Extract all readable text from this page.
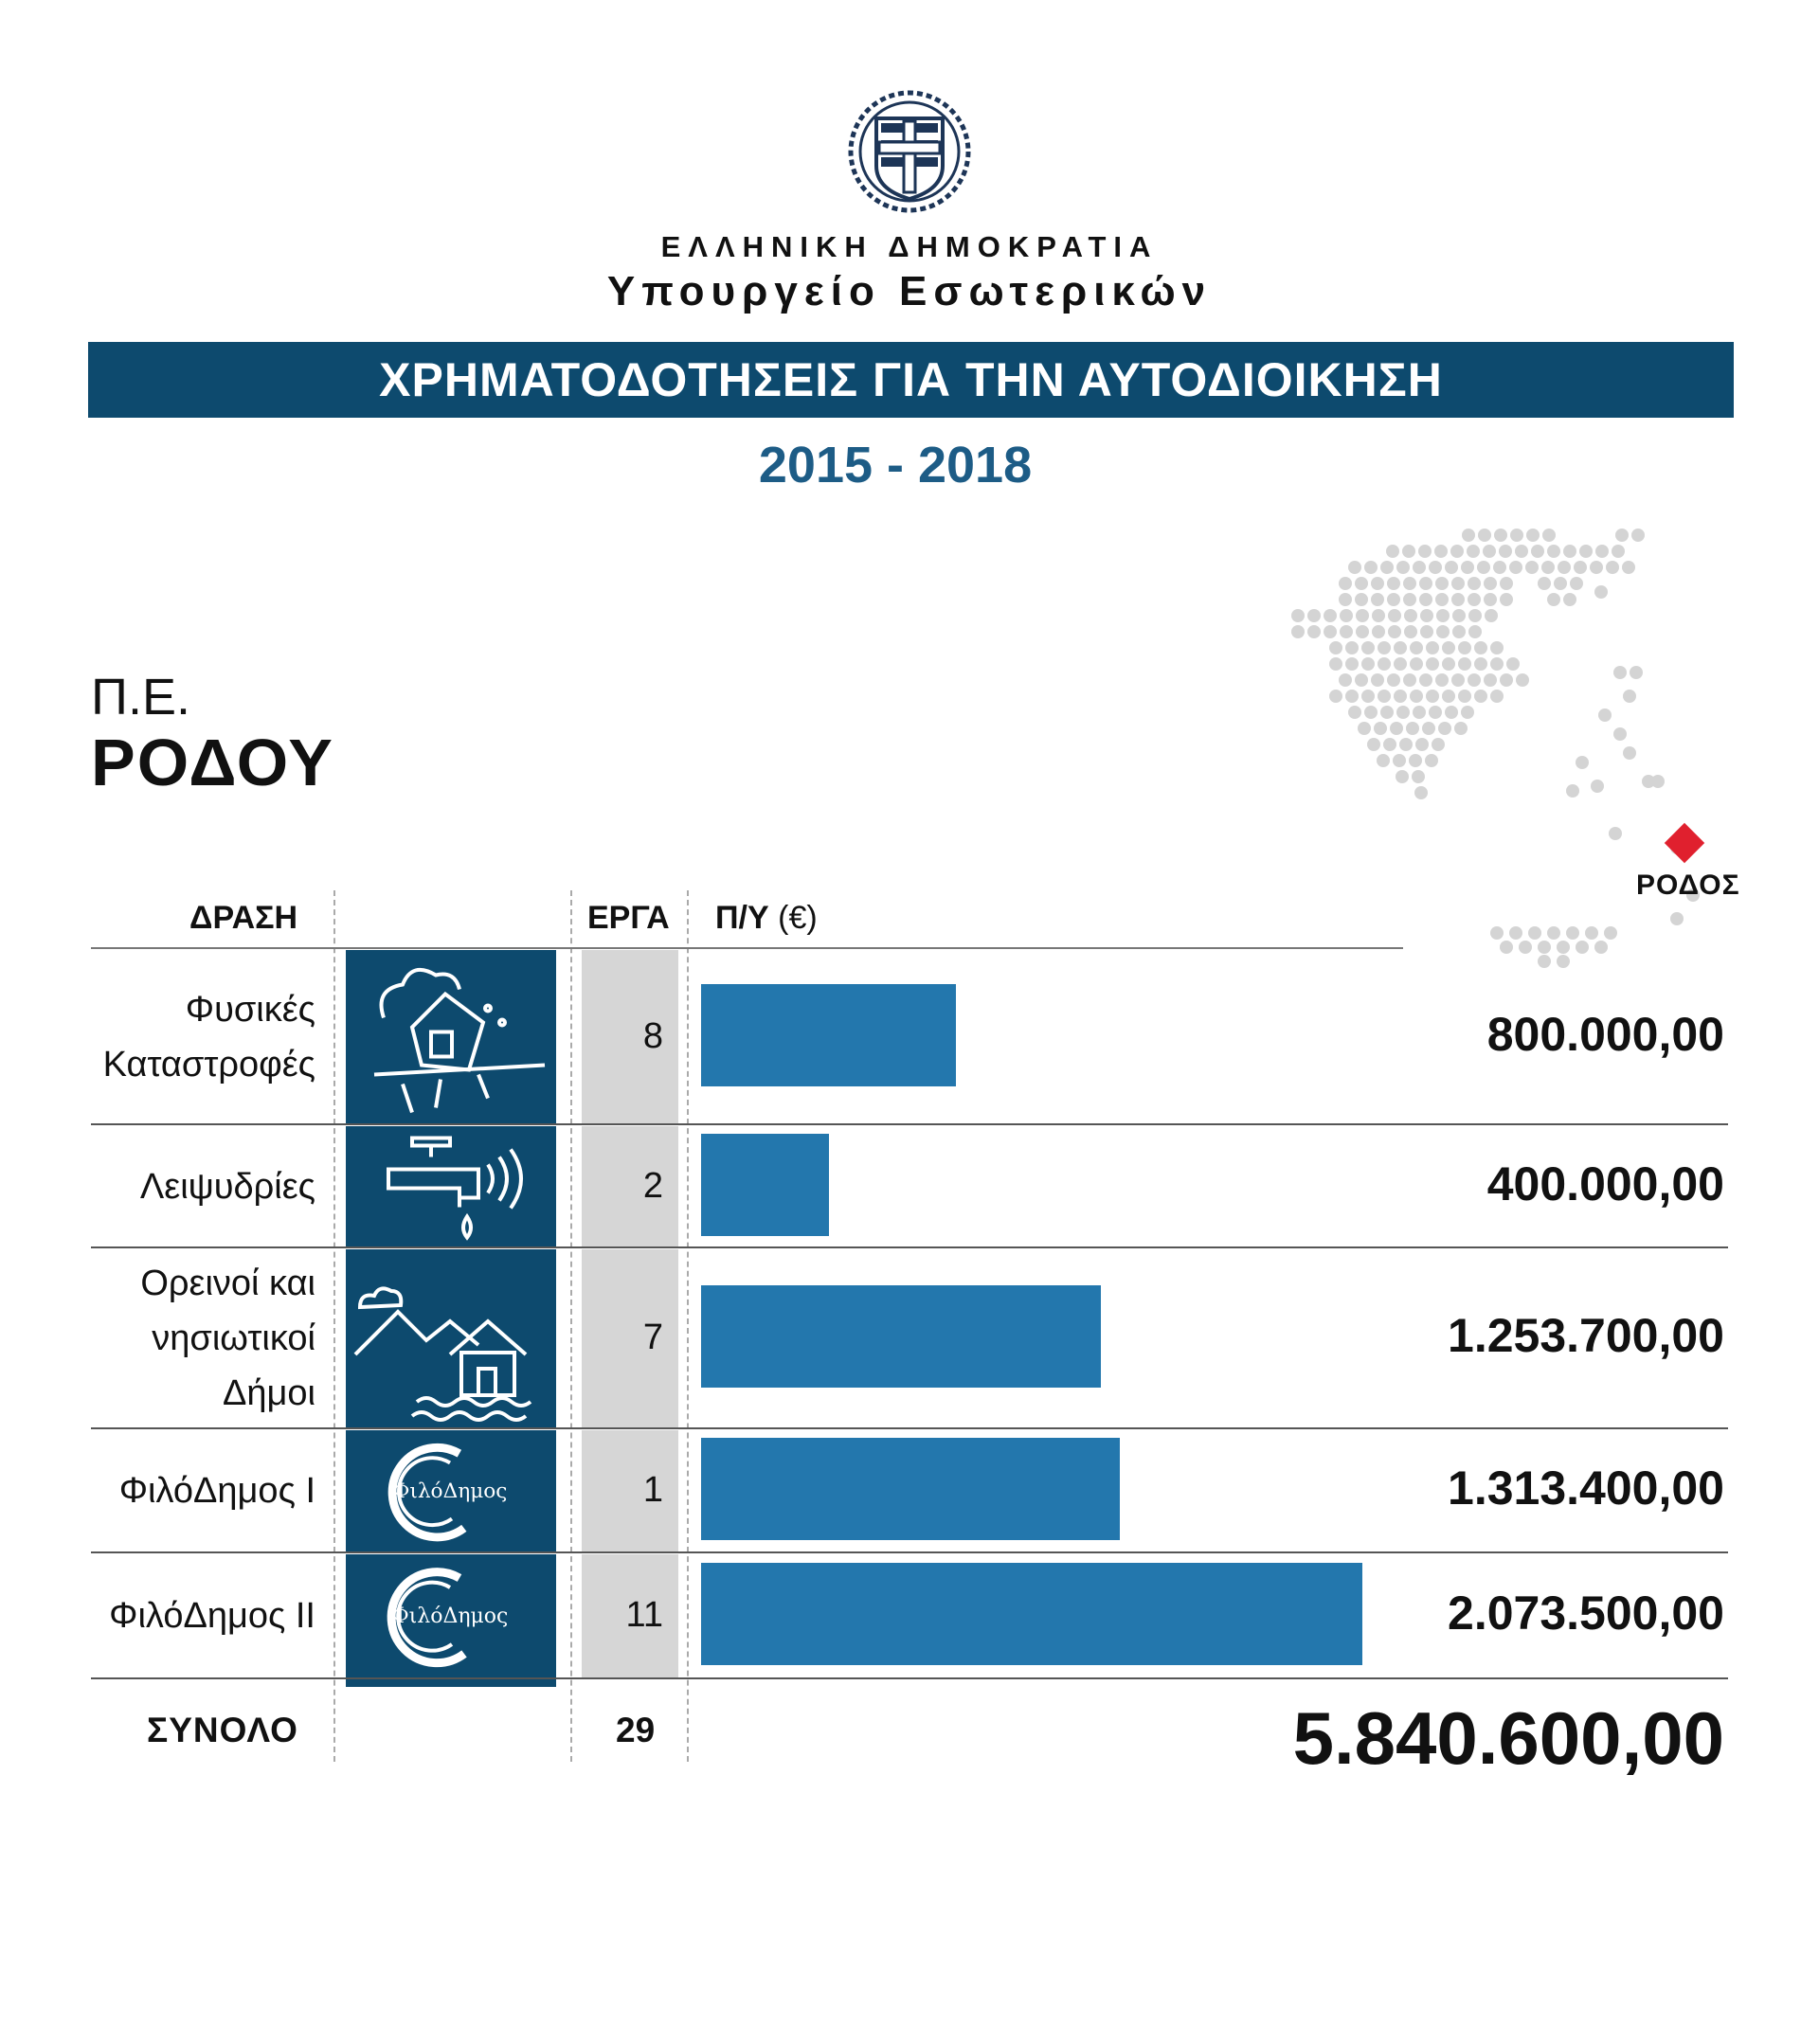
ΕΛΛΗΝΙΚΗ ΔΗΜΟΚΡΑΤΙΑ
Υπουργείο Εσωτερικών
ΧΡΗΜΑΤΟΔΟΤΗΣΕΙΣ ΓΙΑ ΤΗΝ ΑΥΤΟΔΙΟΙΚΗΣΗ
2015 - 2018
Π.Ε.
ΡΟΔΟΥ
ΡΟΔΟΣ
ΔΡΑΣΗ	ΕΡΓΑ Π/Υ (€)
Φυσικές
Καταστροφές
8	800.000,00
Λειψυδρίες	2	400.000,00
Ορεινοί και
νησιωτικοί
Δήμοι
7	1.253.700,00
ΦιλόΔημος Ι	ΦιλόΔημος	1	1.313.400,00
ΦιλόΔημος ΙΙ	ΦιλόΔημος	11	2.073.500,00
ΣΥΝΟΛΟ	29	5.840.600,00
